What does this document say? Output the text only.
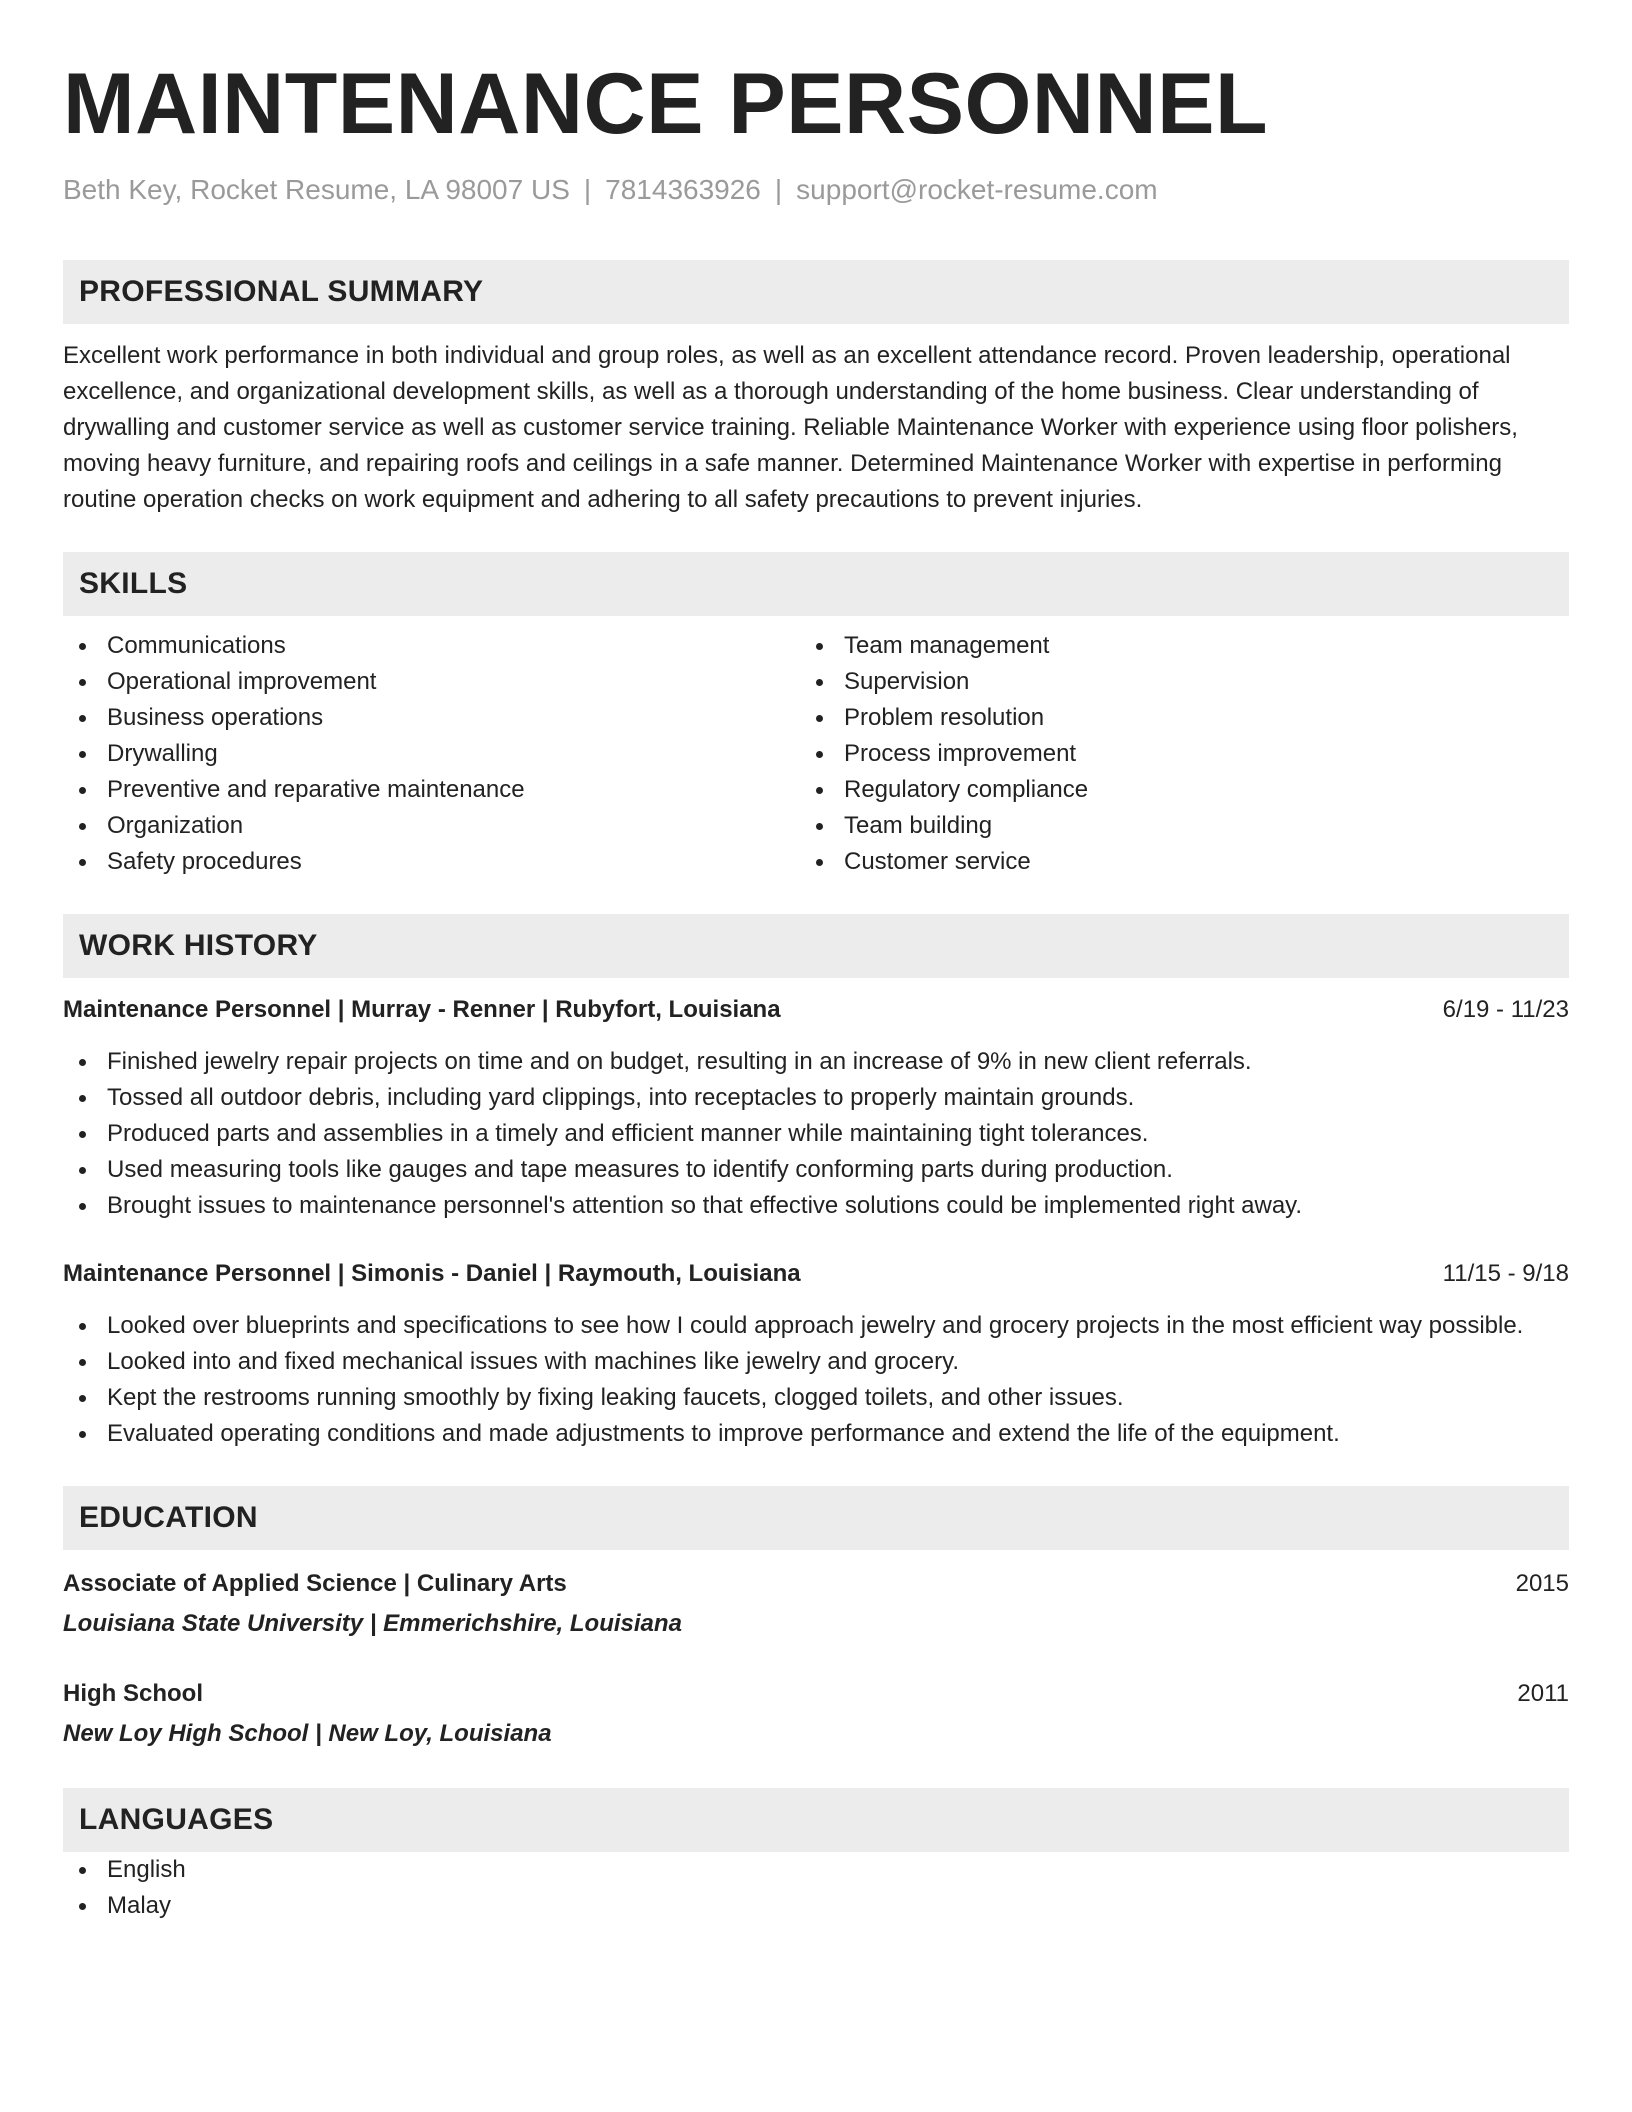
MAINTENANCE PERSONNEL
Beth Key, Rocket Resume, LA 98007 US | 7814363926 | support@rocket-resume.com
PROFESSIONAL SUMMARY
Excellent work performance in both individual and group roles, as well as an excellent attendance record. Proven leadership, operational excellence, and organizational development skills, as well as a thorough understanding of the home business. Clear understanding of drywalling and customer service as well as customer service training. Reliable Maintenance Worker with experience using floor polishers, moving heavy furniture, and repairing roofs and ceilings in a safe manner. Determined Maintenance Worker with expertise in performing routine operation checks on work equipment and adhering to all safety precautions to prevent injuries.
SKILLS
Communications
Operational improvement
Business operations
Drywalling
Preventive and reparative maintenance
Organization
Safety procedures
Team management
Supervision
Problem resolution
Process improvement
Regulatory compliance
Team building
Customer service
WORK HISTORY
Maintenance Personnel | Murray - Renner | Rubyfort, Louisiana	6/19 - 11/23
Finished jewelry repair projects on time and on budget, resulting in an increase of 9% in new client referrals.
Tossed all outdoor debris, including yard clippings, into receptacles to properly maintain grounds.
Produced parts and assemblies in a timely and efficient manner while maintaining tight tolerances.
Used measuring tools like gauges and tape measures to identify conforming parts during production.
Brought issues to maintenance personnel's attention so that effective solutions could be implemented right away.
Maintenance Personnel | Simonis - Daniel | Raymouth, Louisiana	11/15 - 9/18
Looked over blueprints and specifications to see how I could approach jewelry and grocery projects in the most efficient way possible.
Looked into and fixed mechanical issues with machines like jewelry and grocery.
Kept the restrooms running smoothly by fixing leaking faucets, clogged toilets, and other issues.
Evaluated operating conditions and made adjustments to improve performance and extend the life of the equipment.
EDUCATION
Associate of Applied Science | Culinary Arts	2015
Louisiana State University | Emmerichshire, Louisiana
High School	2011
New Loy High School | New Loy, Louisiana
LANGUAGES
English
Malay
